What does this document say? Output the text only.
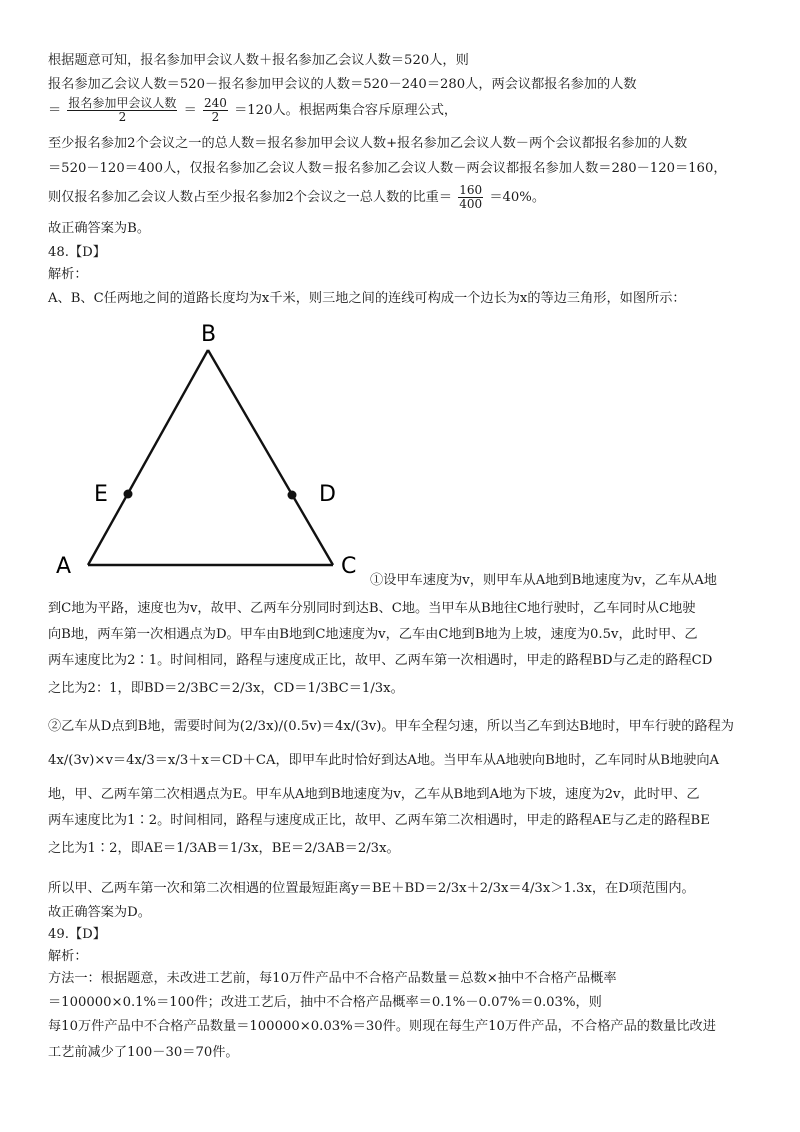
根据题意可知，报名参加甲会议人数＋报名参加乙会议人数＝520人，则
报名参加乙会议人数＝520－报名参加甲会议的人数＝520－240＝280人，两会议都报名参加的人数
＝ $\frac{\text{报名参加甲会议人数}}{2} = \frac{240}{2} =120$人。根据两集合容斥原理公式，
至少报名参加2个会议之一的总人数＝报名参加甲会议人数+报名参加乙会议人数－两个会议都报名参加的人数
＝520－120＝400人，仅报名参加乙会议人数＝报名参加乙会议人数－两会议都报名参加人数＝280－120＝160，
则仅报名参加乙会议人数占至少报名参加2个会议之一总人数的比重＝ $\frac{160}{400} =40\%$。
故正确答案为B。
48.【D】
解析：
A、B、C任两地之间的道路长度均为x千米，则三地之间的连线可构成一个边长为x的等边三角形，如图所示：
B
E	D
A	C
①设甲车速度为v，则甲车从A地到B地速度为v，乙车从A地
到C地为平路，速度也为v，故甲、乙两车分别同时到达B、C地。当甲车从B地往C地行驶时，乙车同时从C地驶
向B地，两车第一次相遇点为D。甲车由B地到C地速度为v，乙车由C地到B地为上坡，速度为0.5v，此时甲、乙
两车速度比为2∶1。时间相同，路程与速度成正比，故甲、乙两车第一次相遇时，甲走的路程BD与乙走的路程CD
之比为2：1，即BD＝2/3BC＝2/3x，CD＝1/3BC＝1/3x。
②乙车从D点到B地，需要时间为(2/3x)/(0.5v)＝4x/(3v)。甲车全程匀速，所以当乙车到达B地时，甲车行驶的路程为
4x/(3v)×v＝4x/3＝x/3＋x＝CD＋CA，即甲车此时恰好到达A地。当甲车从A地驶向B地时，乙车同时从B地驶向A
地，甲、乙两车第二次相遇点为E。甲车从A地到B地速度为v，乙车从B地到A地为下坡，速度为2v，此时甲、乙
两车速度比为1∶2。时间相同，路程与速度成正比，故甲、乙两车第二次相遇时，甲走的路程AE与乙走的路程BE
之比为1∶2，即AE＝1/3AB＝1/3x，BE＝2/3AB＝2/3x。
所以甲、乙两车第一次和第二次相遇的位置最短距离y＝BE＋BD＝2/3x＋2/3x＝4/3x＞1.3x，在D项范围内。
故正确答案为D。
49.【D】
解析：
方法一：根据题意，未改进工艺前，每10万件产品中不合格产品数量＝总数×抽中不合格产品概率
＝100000×0.1%＝100件；改进工艺后，抽中不合格产品概率＝0.1%－0.07%＝0.03%，则
每10万件产品中不合格产品数量＝100000×0.03%＝30件。则现在每生产10万件产品，不合格产品的数量比改进
工艺前减少了100－30＝70件。
